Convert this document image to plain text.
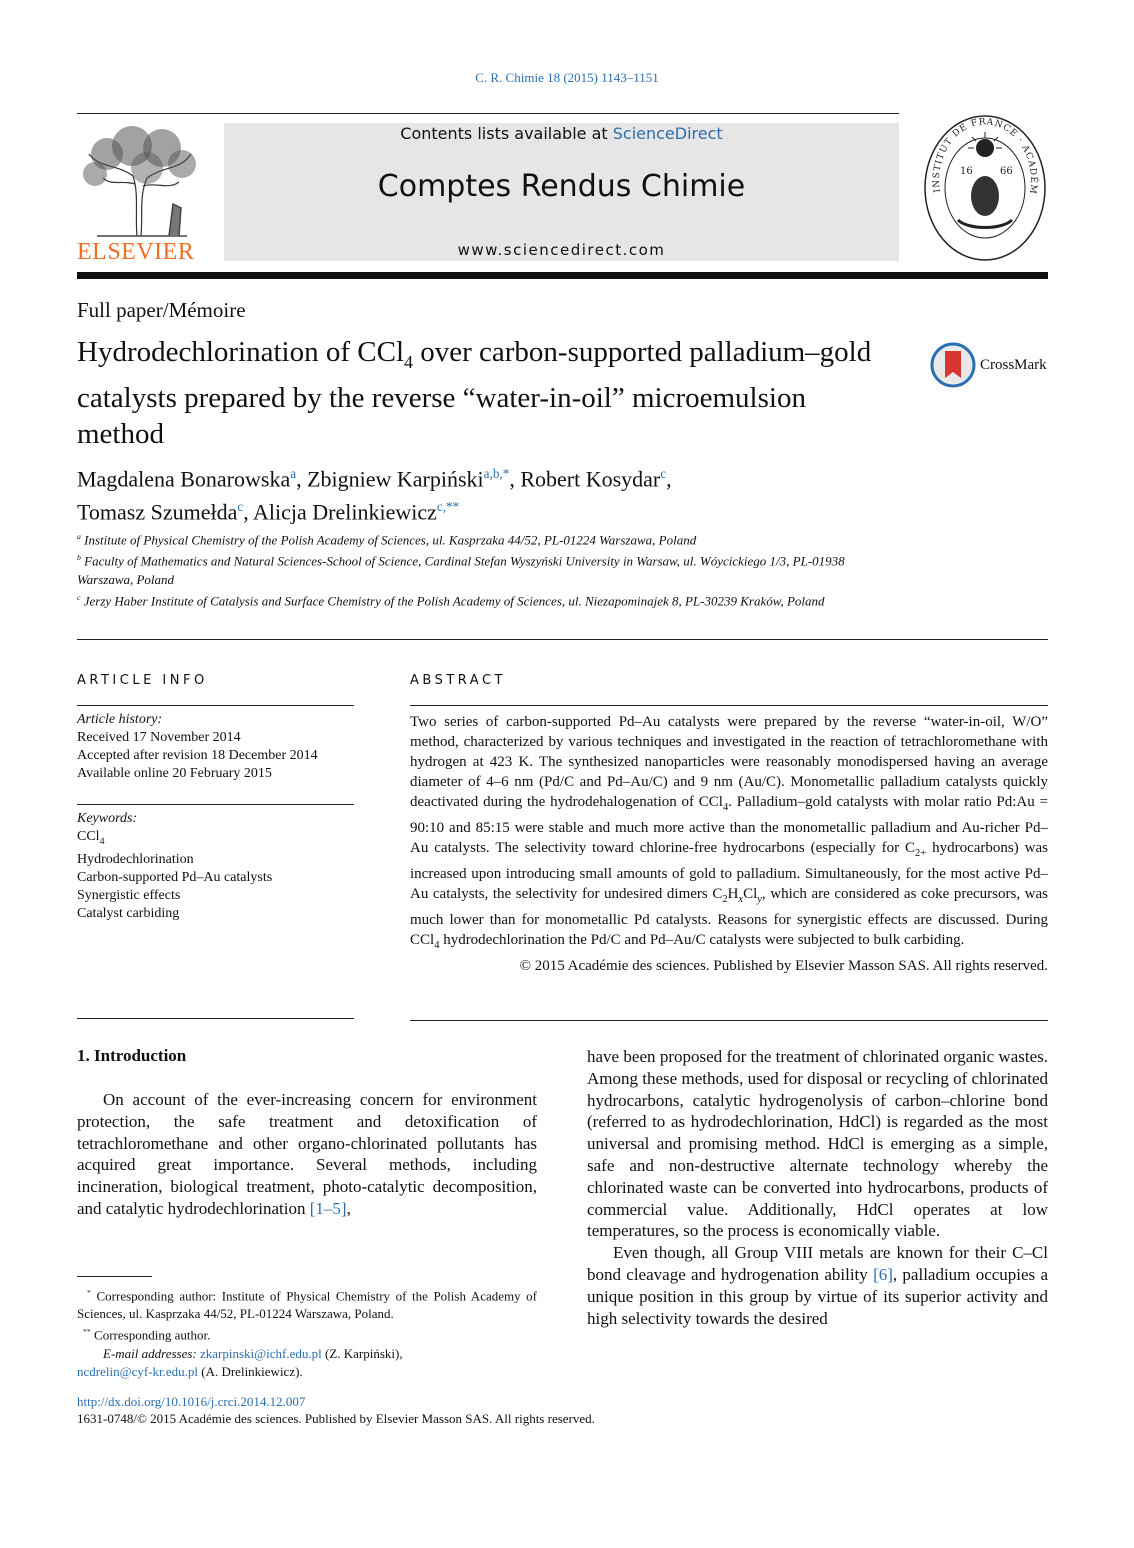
C. R. Chimie 18 (2015) 1143–1151
ELSEVIER
Contents lists available at ScienceDirect
Comptes Rendus Chimie
www.sciencedirect.com
INSTITUT DE FRANCE · ACADÉM
16	66
Full paper/Mémoire
Hydrodechlorination of CCl$_4$ over carbon-supported palladium–gold catalysts prepared by the reverse “water-in-oil” microemulsion method
CrossMark
Magdalena Bonarowska$^a$, Zbigniew Karpiński$^{a,b,*}$, Robert Kosydar$^c$,
Tomasz Szumełda$^c$, Alicja Drelinkiewicz$^{c,**}$

$^a$ Institute of Physical Chemistry of the Polish Academy of Sciences, ul. Kasprzaka 44/52, PL-01224 Warszawa, Poland

$^b$ Faculty of Mathematics and Natural Sciences-School of Science, Cardinal Stefan Wyszyński University in Warsaw, ul. Wóycickiego 1/3, PL-01938 Warszawa, Poland

$^c$ Jerzy Haber Institute of Catalysis and Surface Chemistry of the Polish Academy of Sciences, ul. Niezapominajek 8, PL-30239 Kraków, Poland

ARTICLE INFO
Article history:
Received 17 November 2014
Accepted after revision 18 December 2014
Available online 20 February 2015
Keywords:
CCl$_4$
Hydrodechlorination
Carbon-supported Pd–Au catalysts
Synergistic effects
Catalyst carbiding
ABSTRACT

Two series of carbon-supported Pd–Au catalysts were prepared by the reverse “water-in-oil, W/O” method, characterized by various techniques and investigated in the reaction of tetrachloromethane with hydrogen at 423 K. The synthesized nanoparticles were reasonably monodispersed having an average diameter of 4–6 nm (Pd/C and Pd–Au/C) and 9 nm (Au/C). Monometallic palladium catalysts quickly deactivated during the hydrodehalogenation of CCl$_4$. Palladium–gold catalysts with molar ratio Pd:Au = 90:10 and 85:15 were stable and much more active than the monometallic palladium and Au-richer Pd–Au catalysts. The selectivity toward chlorine-free hydrocarbons (especially for $C_{2+}$ hydrocarbons) was increased upon introducing small amounts of gold to palladium. Simultaneously, for the most active Pd–Au catalysts, the selectivity for undesired dimers $C_2H_xCl_y$, which are considered as coke precursors, was much lower than for monometallic Pd catalysts. Reasons for synergistic effects are discussed. During CCl$_4$ hydrodechlorination the Pd/C and Pd–Au/C catalysts were subjected to bulk carbiding.

© 2015 Académie des sciences. Published by Elsevier Masson SAS. All rights reserved.

1. Introduction

On account of the ever-increasing concern for environment protection, the safe treatment and detoxification of tetrachloromethane and other organo-chlorinated pollutants has acquired great importance. Several methods, including incineration, biological treatment, photo-catalytic decomposition, and catalytic hydrodechlorination [1–5],

* Corresponding author: Institute of Physical Chemistry of the Polish Academy of Sciences, ul. Kasprzaka 44/52, PL-01224 Warszawa, Poland.

** Corresponding author.

E-mail addresses: zkarpinski@ichf.edu.pl (Z. Karpiński),

ncdrelin@cyf-kr.edu.pl (A. Drelinkiewicz).

have been proposed for the treatment of chlorinated organic wastes. Among these methods, used for disposal or recycling of chlorinated hydrocarbons, catalytic hydrogenolysis of carbon–chlorine bond (referred to as hydrodechlorination, HdCl) is regarded as the most universal and promising method. HdCl is emerging as a simple, safe and non-destructive alternate technology whereby the chlorinated waste can be converted into hydrocarbons, products of commercial value. Additionally, HdCl operates at low temperatures, so the process is economically viable.

Even though, all Group VIII metals are known for their C–Cl bond cleavage and hydrogenation ability [6], palladium occupies a unique position in this group by virtue of its superior activity and high selectivity towards the desired

http://dx.doi.org/10.1016/j.crci.2014.12.007

1631-0748/© 2015 Académie des sciences. Published by Elsevier Masson SAS. All rights reserved.
